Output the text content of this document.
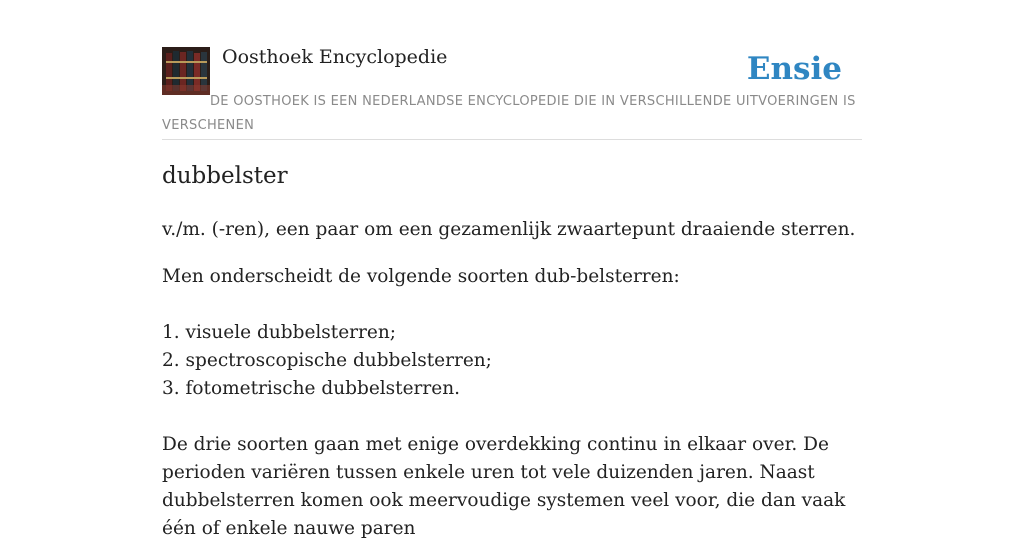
Oosthoek Encyclopedie	Ensie
DE OOSTHOEK IS EEN NEDERLANDSE ENCYCLOPEDIE DIE IN VERSCHILLENDE UITVOERINGEN IS VERSCHENEN
dubbelster
v./m. (-ren), een paar om een gezamenlijk zwaartepunt draaiende sterren.
Men onderscheidt de volgende soorten dub-belsterren:
1. visuele dubbelsterren;
2. spectroscopische dubbelsterren;
3. fotometrische dubbelsterren.
De drie soorten gaan met enige overdekking continu in elkaar over. De perioden variëren tussen enkele uren tot vele duizenden jaren. Naast dubbelsterren komen ook meervoudige systemen veel voor, die dan vaak één of enkele nauwe paren
